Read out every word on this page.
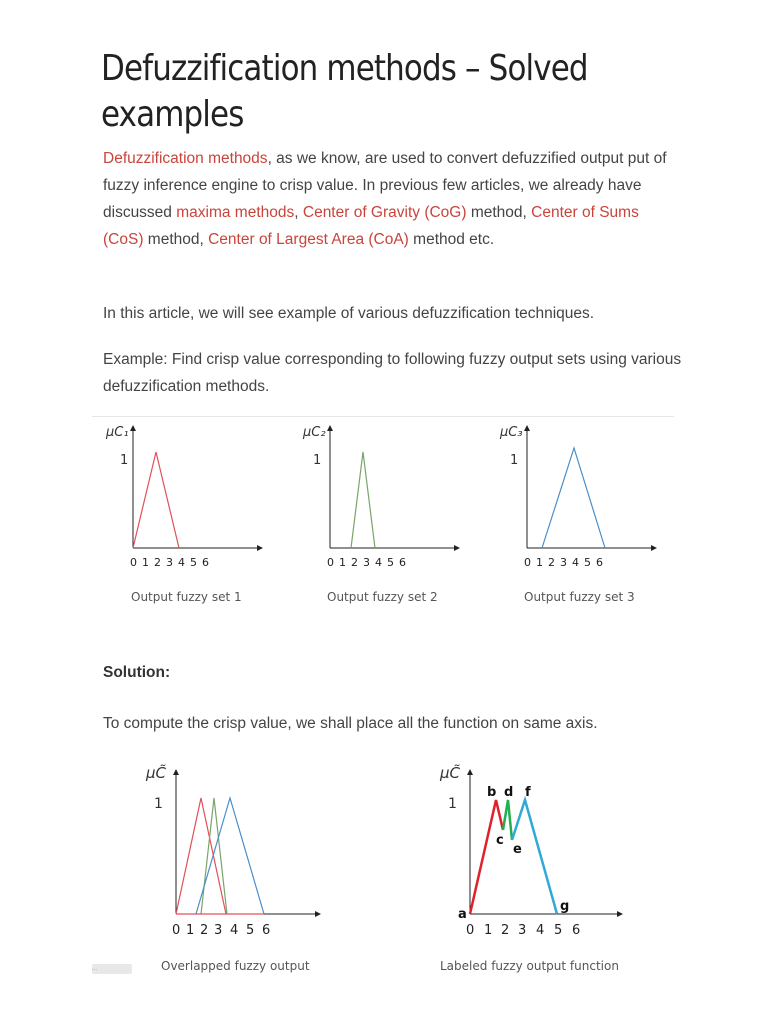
Defuzzification methods – Solved examples

Defuzzification methods, as we know, are used to convert defuzzified output put of fuzzy inference engine to crisp value. In previous few articles, we already have discussed maxima methods, Center of Gravity (CoG) method, Center of Sums (CoS) method, Center of Largest Area (CoA) method etc.

In this article, we will see example of various defuzzification techniques.

Example: Find crisp value corresponding to following fuzzy output sets using various defuzzification methods.

μC₁
1
0 1 2 3 4 5 6
Output fuzzy set 1
μC₂
1
0 1 2 3 4 5 6
Output fuzzy set 2
μC₃
1
0 1 2 3 4 5 6
Output fuzzy set 3
Solution:

To compute the crisp value, we shall place all the function on same axis.

μC̃
1
0 1 2 3 4 5 6
Overlapped fuzzy output
μC̃
1
a
b
c
d
e
f
g
0 1 2 3 4 5 6
Labeled fuzzy output function
...
